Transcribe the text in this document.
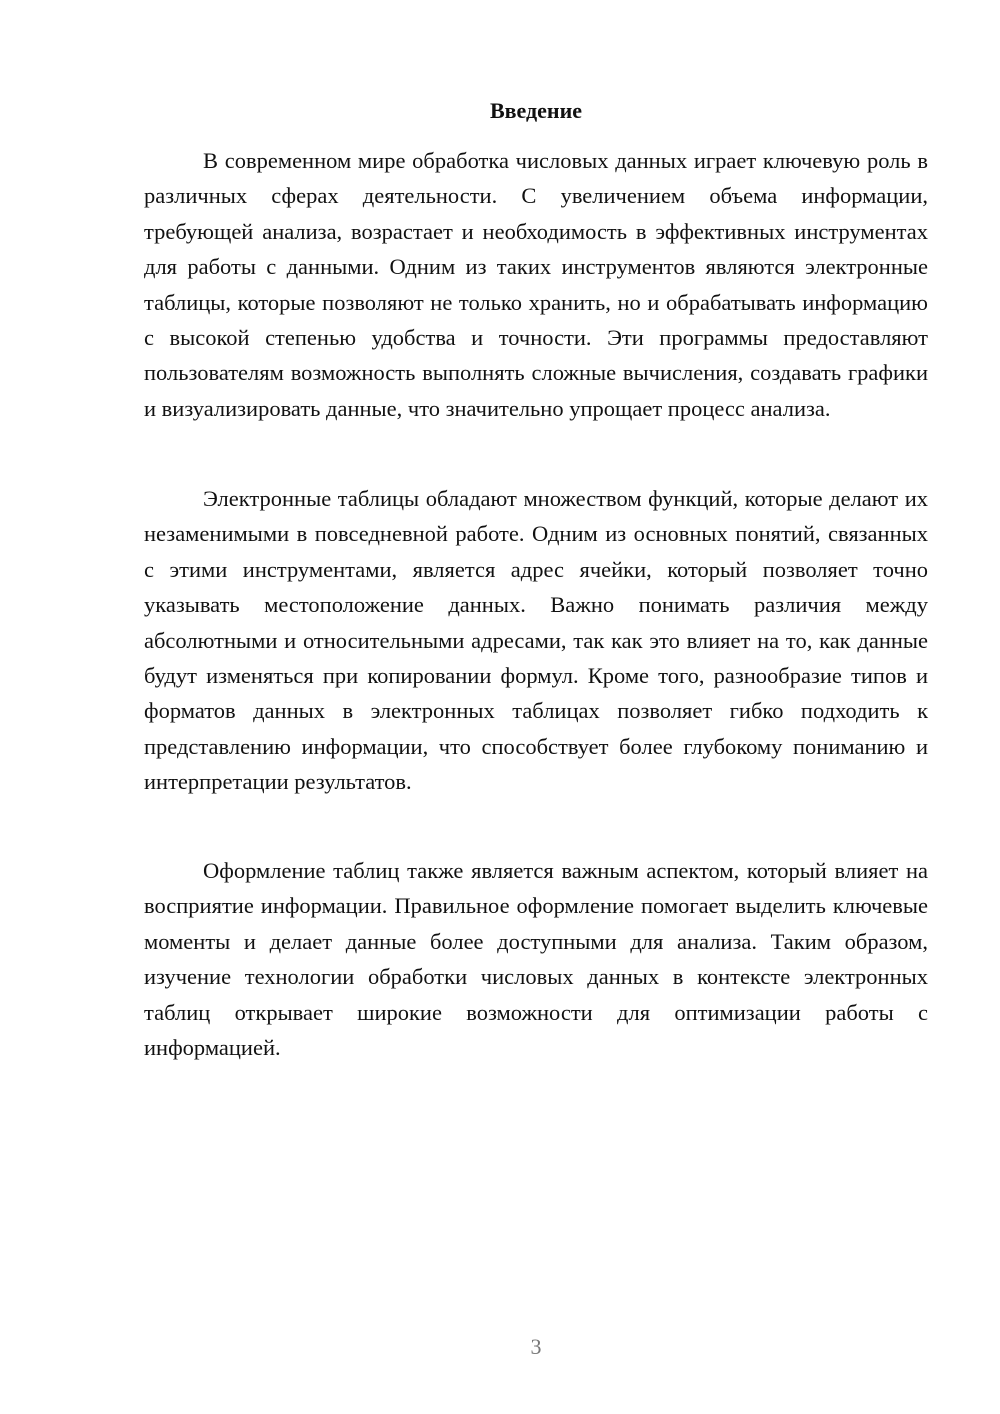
Введение

В современном мире обработка числовых данных играет ключевую роль в различных сферах деятельности. С увеличением объема информации, требующей анализа, возрастает и необходимость в эффективных инструментах для работы с данными. Одним из таких инструментов являются электронные таблицы, которые позволяют не только хранить, но и обрабатывать информацию с высокой степенью удобства и точности. Эти программы предоставляют пользователям возможность выполнять сложные вычисления, создавать графики и визуализировать данные, что значительно упрощает процесс анализа.

Электронные таблицы обладают множеством функций, которые делают их незаменимыми в повседневной работе. Одним из основных понятий, связанных с этими инструментами, является адрес ячейки, который позволяет точно указывать местоположение данных. Важно понимать различия между абсолютными и относительными адресами, так как это влияет на то, как данные будут изменяться при копировании формул. Кроме того, разнообразие типов и форматов данных в электронных таблицах позволяет гибко подходить к представлению информации, что способствует более глубокому пониманию и интерпретации результатов.

Оформление таблиц также является важным аспектом, который влияет на восприятие информации. Правильное оформление помогает выделить ключевые моменты и делает данные более доступными для анализа. Таким образом, изучение технологии обработки числовых данных в контексте электронных таблиц открывает широкие возможности для оптимизации работы с информацией.

3
